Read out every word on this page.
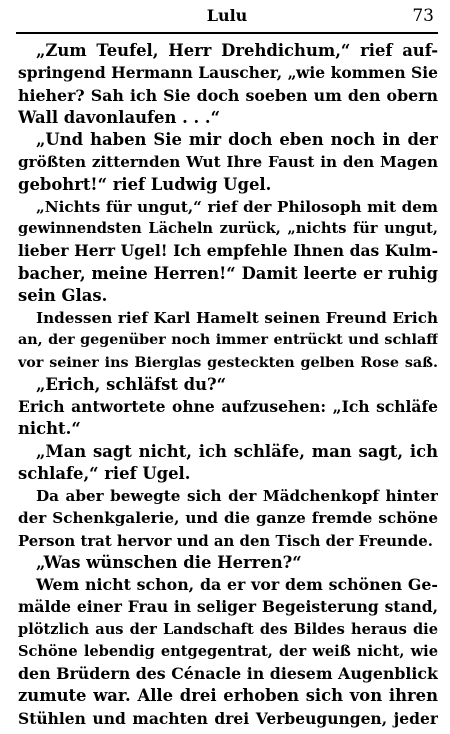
Lulu	73
„Zum Teufel, Herr Drehdichum,“ rief auf-
springend Hermann Lauscher, „wie kommen Sie
hieher? Sah ich Sie doch soeben um den obern
Wall davonlaufen . . .“
„Und haben Sie mir doch eben noch in der
größten zitternden Wut Ihre Faust in den Magen
gebohrt!“ rief Ludwig Ugel.
„Nichts für ungut,“ rief der Philosoph mit dem
gewinnendsten Lächeln zurück, „nichts für ungut,
lieber Herr Ugel! Ich empfehle Ihnen das Kulm-
bacher, meine Herren!“ Damit leerte er ruhig
sein Glas.
Indessen rief Karl Hamelt seinen Freund Erich
an, der gegenüber noch immer entrückt und schlaff
vor seiner ins Bierglas gesteckten gelben Rose saß.
„Erich, schläfst du?“
Erich antwortete ohne aufzusehen: „Ich schläfe
nicht.“
„Man sagt nicht, ich schläfe, man sagt, ich
schlafe,“ rief Ugel.
Da aber bewegte sich der Mädchenkopf hinter
der Schenkgalerie, und die ganze fremde schöne
Person trat hervor und an den Tisch der Freunde.
„Was wünschen die Herren?“
Wem nicht schon, da er vor dem schönen Ge-
mälde einer Frau in seliger Begeisterung stand,
plötzlich aus der Landschaft des Bildes heraus die
Schöne lebendig entgegentrat, der weiß nicht, wie
den Brüdern des Cénacle in diesem Augenblick
zumute war. Alle drei erhoben sich von ihren
Stühlen und machten drei Verbeugungen, jeder
